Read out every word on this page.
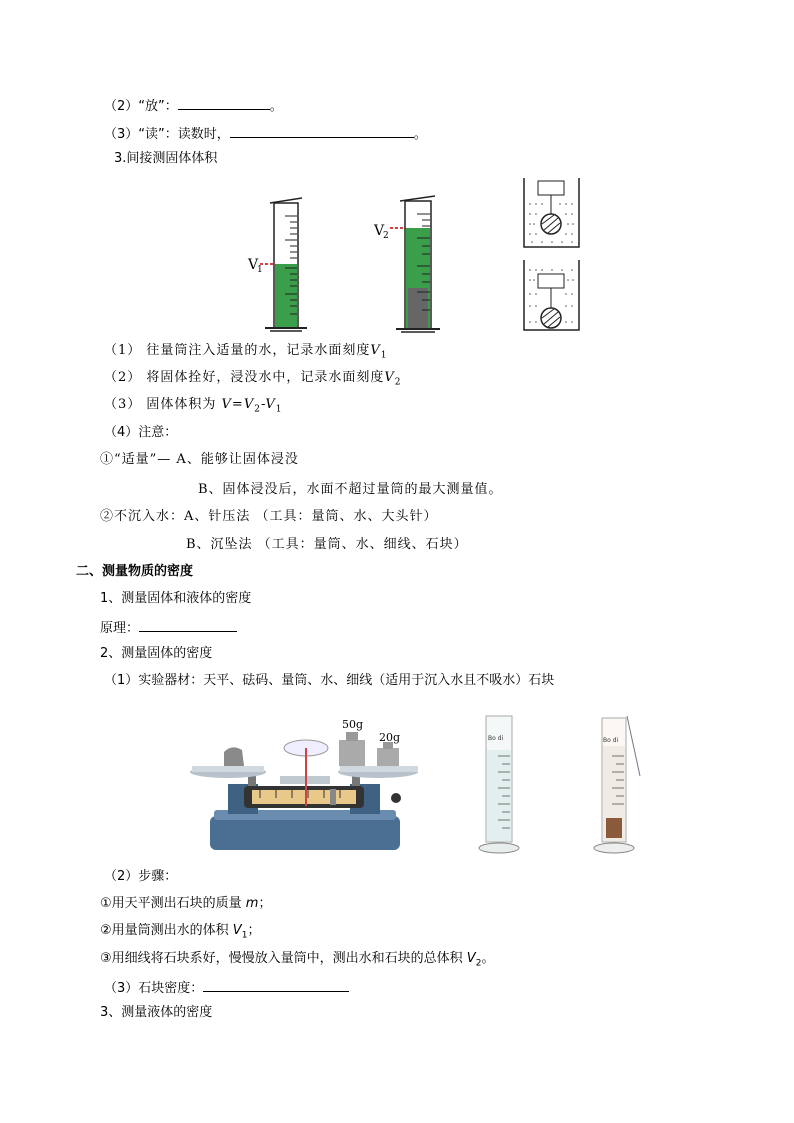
（2）“放”：	。
（3）“读”：读数时，	。
3.间接测固体体积
V
1
V
2
（1） 往量筒注入适量的水，记录水面刻度$V_1$
（2） 将固体拴好，浸没水中，记录水面刻度$V_2$
（3） 固体体积为 $V=V_2-V_1$
（4）注意：
①“适量”— A、能够让固体浸没
B、固体浸没后，水面不超过量筒的最大测量值。
②不沉入水：A、针压法 （工具：量筒、水、大头针）
B、沉坠法 （工具：量筒、水、细线、石块）
二、测量物质的密度
1、测量固体和液体的密度
原理：
2、测量固体的密度
（1）实验器材：天平、砝码、量筒、水、细线（适用于沉入水且不吸水）石块
50g
20g	Bo di	Bo di
（2）步骤：
①用天平测出石块的质量 m；
②用量筒测出水的体积 $V_1$；
③用细线将石块系好，慢慢放入量筒中，测出水和石块的总体积 $V_2$。
（3）石块密度：
3、测量液体的密度
